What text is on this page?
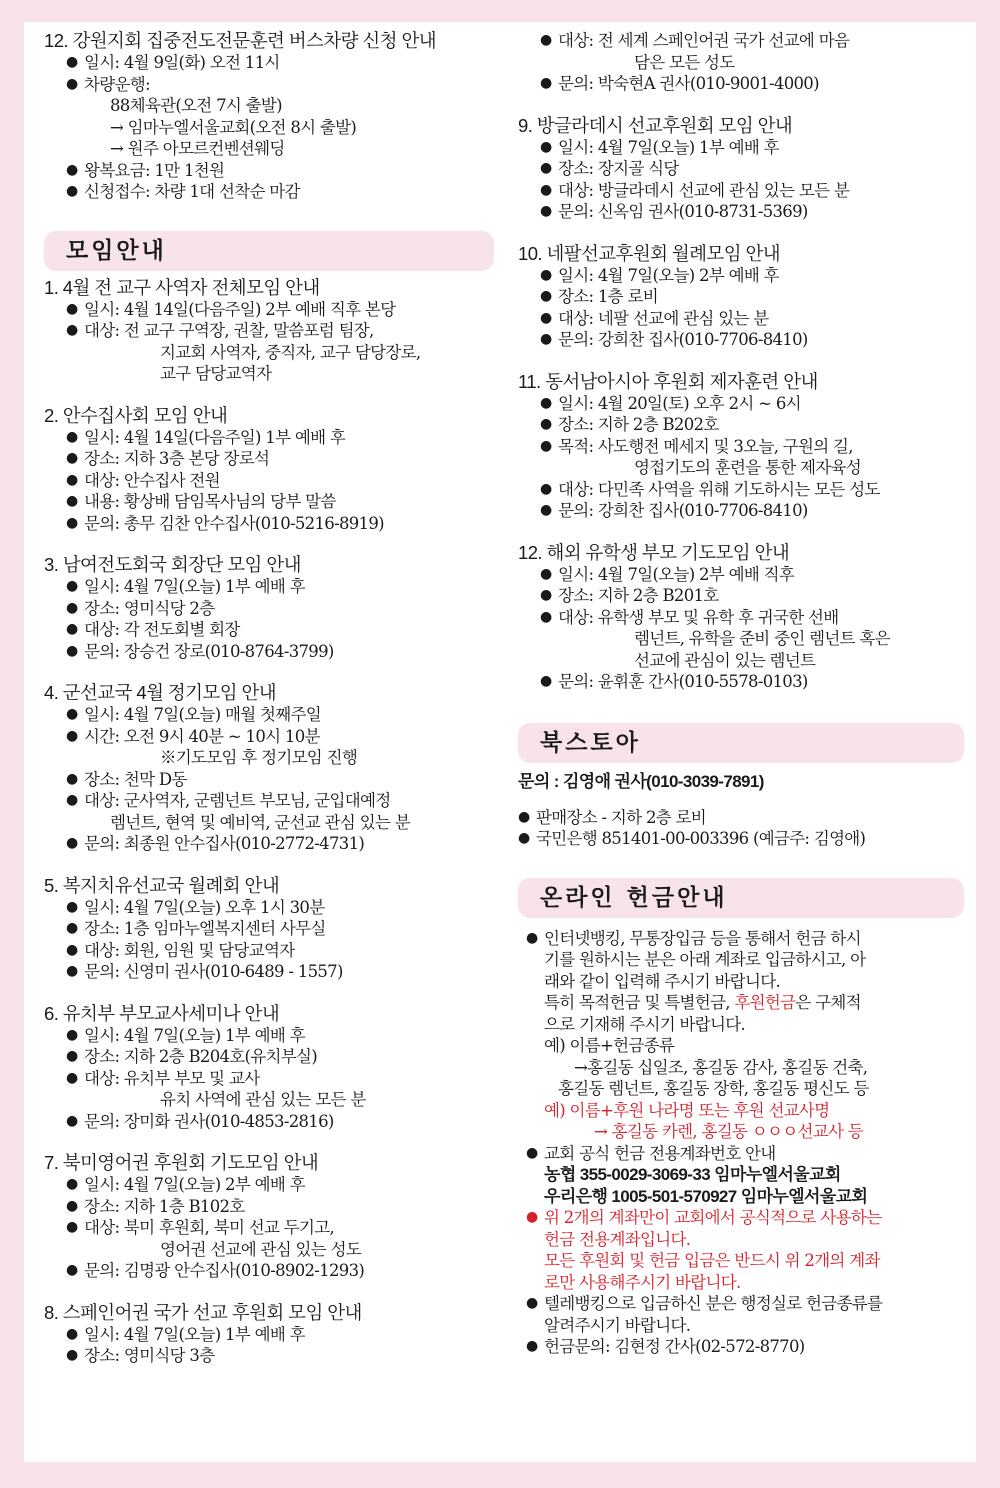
12. 강원지회 집중전도전문훈련 버스차량 신청 안내

● 일시: 4월 9일(화) 오전 11시
● 차량운행:
88체육관(오전 7시 출발)
→ 임마누엘서울교회(오전 8시 출발)
→ 원주 아모르컨벤션웨딩
● 왕복요금: 1만 1천원
● 신청접수: 차량 1대 선착순 마감
모임안내

1. 4월 전 교구 사역자 전체모임 안내

● 일시: 4월 14일(다음주일) 2부 예배 직후 본당
● 대상: 전 교구 구역장, 권찰, 말씀포럼 팀장,
지교회 사역자, 중직자, 교구 담당장로,
교구 담당교역자

2. 안수집사회 모임 안내

● 일시: 4월 14일(다음주일) 1부 예배 후
● 장소: 지하 3층 본당 장로석
● 대상: 안수집사 전원
● 내용: 황상배 담임목사님의 당부 말씀
● 문의: 총무 김찬 안수집사(010-5216-8919)

3. 남여전도회국 회장단 모임 안내

● 일시: 4월 7일(오늘) 1부 예배 후
● 장소: 영미식당 2층
● 대상: 각 전도회별 회장
● 문의: 장승건 장로(010-8764-3799)

4. 군선교국 4월 정기모임 안내

● 일시: 4월 7일(오늘) 매월 첫째주일
● 시간: 오전 9시 40분 ~ 10시 10분
※기도모임 후 정기모임 진행
● 장소: 천막 D동
● 대상: 군사역자, 군렘넌트 부모님, 군입대예정
렘넌트, 현역 및 예비역, 군선교 관심 있는 분
● 문의: 최종원 안수집사(010-2772-4731)

5. 복지치유선교국 월례회 안내

● 일시: 4월 7일(오늘) 오후 1시 30분
● 장소: 1층 임마누엘복지센터 사무실
● 대상: 회원, 임원 및 담당교역자
● 문의: 신영미 권사(010-6489 - 1557)

6. 유치부 부모교사세미나 안내

● 일시: 4월 7일(오늘) 1부 예배 후
● 장소: 지하 2층 B204호(유치부실)
● 대상: 유치부 부모 및 교사
유치 사역에 관심 있는 모든 분
● 문의: 장미화 권사(010-4853-2816)

7. 북미영어권 후원회 기도모임 안내

● 일시: 4월 7일(오늘) 2부 예배 후
● 장소: 지하 1층 B102호
● 대상: 북미 후원회, 북미 선교 두기고,
영어권 선교에 관심 있는 성도
● 문의: 김명광 안수집사(010-8902-1293)

8. 스페인어권 국가 선교 후원회 모임 안내

● 일시: 4월 7일(오늘) 1부 예배 후
● 장소: 영미식당 3층
● 대상: 전 세계 스페인어권 국가 선교에 마음
담은 모든 성도
● 문의: 박숙현A 권사(010-9001-4000)

9. 방글라데시 선교후원회 모임 안내

● 일시: 4월 7일(오늘) 1부 예배 후
● 장소: 장지골 식당
● 대상: 방글라데시 선교에 관심 있는 모든 분
● 문의: 신옥임 권사(010-8731-5369)

10. 네팔선교후원회 월례모임 안내

● 일시: 4월 7일(오늘) 2부 예배 후
● 장소: 1층 로비
● 대상: 네팔 선교에 관심 있는 분
● 문의: 강희찬 집사(010-7706-8410)

11. 동서남아시아 후원회 제자훈련 안내

● 일시: 4월 20일(토) 오후 2시 ~ 6시
● 장소: 지하 2층 B202호
● 목적: 사도행전 메세지 및 3오늘, 구원의 길,
영접기도의 훈련을 통한 제자육성
● 대상: 다민족 사역을 위해 기도하시는 모든 성도
● 문의: 강희찬 집사(010-7706-8410)

12. 해외 유학생 부모 기도모임 안내

● 일시: 4월 7일(오늘) 2부 예배 직후
● 장소: 지하 2층 B201호
● 대상: 유학생 부모 및 유학 후 귀국한 선배
렘넌트, 유학을 준비 중인 렘넌트 혹은
선교에 관심이 있는 렘넌트
● 문의: 윤휘훈 간사(010-5578-0103)
북스토아
문의 : 김영애 권사(010-3039-7891)
● 판매장소 - 지하 2층 로비
● 국민은행 851401-00-003396 (예금주: 김영애)
온라인 헌금안내
● 인터넷뱅킹, 무통장입금 등을 통해서 헌금 하시
기를 원하시는 분은 아래 계좌로 입금하시고, 아
래와 같이 입력해 주시기 바랍니다.
특히 목적헌금 및 특별헌금, 후원헌금은 구체적
으로 기재해 주시기 바랍니다.
예) 이름+헌금종류
→홍길동 십일조, 홍길동 감사, 홍길동 건축,
홍길동 렘넌트, 홍길동 장학, 홍길동 평신도 등
예) 이름+후원 나라명 또는 후원 선교사명
→ 홍길동 카렌, 홍길동 ㅇㅇㅇ선교사 등
● 교회 공식 헌금 전용계좌번호 안내
농협 355-0029-3069-33 임마누엘서울교회
우리은행 1005-501-570927 임마누엘서울교회
● 위 2개의 계좌만이 교회에서 공식적으로 사용하는
헌금 전용계좌입니다.
모든 후원회 및 헌금 입금은 반드시 위 2개의 계좌
로만 사용해주시기 바랍니다.
● 텔레뱅킹으로 입금하신 분은 행정실로 헌금종류를
알려주시기 바랍니다.
● 헌금문의: 김현정 간사(02-572-8770)
